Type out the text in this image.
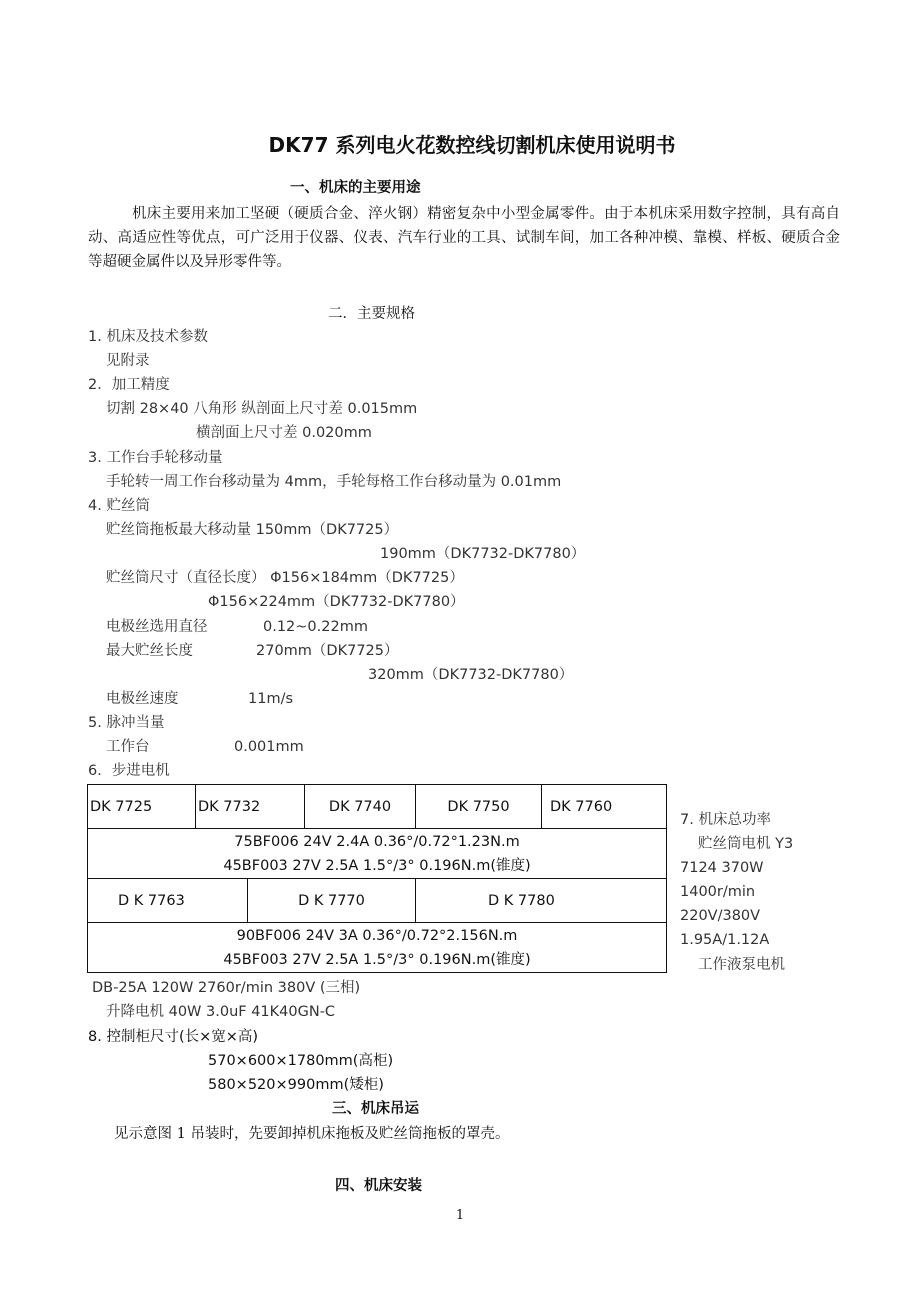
DK77 系列电火花数控线切割机床使用说明书
一、机床的主要用途
机床主要用来加工坚硬（硬质合金、淬火钢）精密复杂中小型金属零件。由于本机床采用数字控制，具有高自动、高适应性等优点，可广泛用于仪器、仪表、汽车行业的工具、试制车间，加工各种冲模、靠模、样板、硬质合金等超硬金属件以及异形零件等。
二．主要规格
1. 机床及技术参数
见附录
2．加工精度
切割 28×40 八角形 纵剖面上尺寸差 0.015mm
横剖面上尺寸差 0.020mm
3. 工作台手轮移动量
手轮转一周工作台移动量为 4mm，手轮每格工作台移动量为 0.01mm
4. 贮丝筒
贮丝筒拖板最大移动量 150mm（DK7725）
190mm（DK7732-DK7780）
贮丝筒尺寸（直径长度） Φ156×184mm（DK7725）
Φ156×224mm（DK7732-DK7780）
电极丝选用直径	0.12~0.22mm
最大贮丝长度	270mm（DK7725）
320mm（DK7732-DK7780）
电极丝速度	11m/s
5. 脉冲当量
工作台	0.001mm
6．步进电机
DK 7725	DK 7732		DK 7740	DK 7750	DK 7760

75BF006 24V 2.4A 0.36°/0.72°1.23N.m
45BF003 27V 2.5A 1.5°/3° 0.196N.m(锥度)					

D K 7763		D K 7770		D K 7780	

90BF006 24V 3A 0.36°/0.72°2.156N.m
45BF003 27V 2.5A 1.5°/3° 0.196N.m(锥度)					
7. 机床总功率
贮丝筒电机 Y3
7124 370W
1400r/min
220V/380V
1.95A/1.12A
工作液泵电机
DB-25A 120W 2760r/min 380V (三相)
升降电机 40W 3.0uF 41K40GN-C
8. 控制柜尺寸(长×宽×高)
570×600×1780mm(高柜)
580×520×990mm(矮柜)
三、机床吊运
见示意图 1 吊装时，先要卸掉机床拖板及贮丝筒拖板的罩壳。
四、机床安装
1
